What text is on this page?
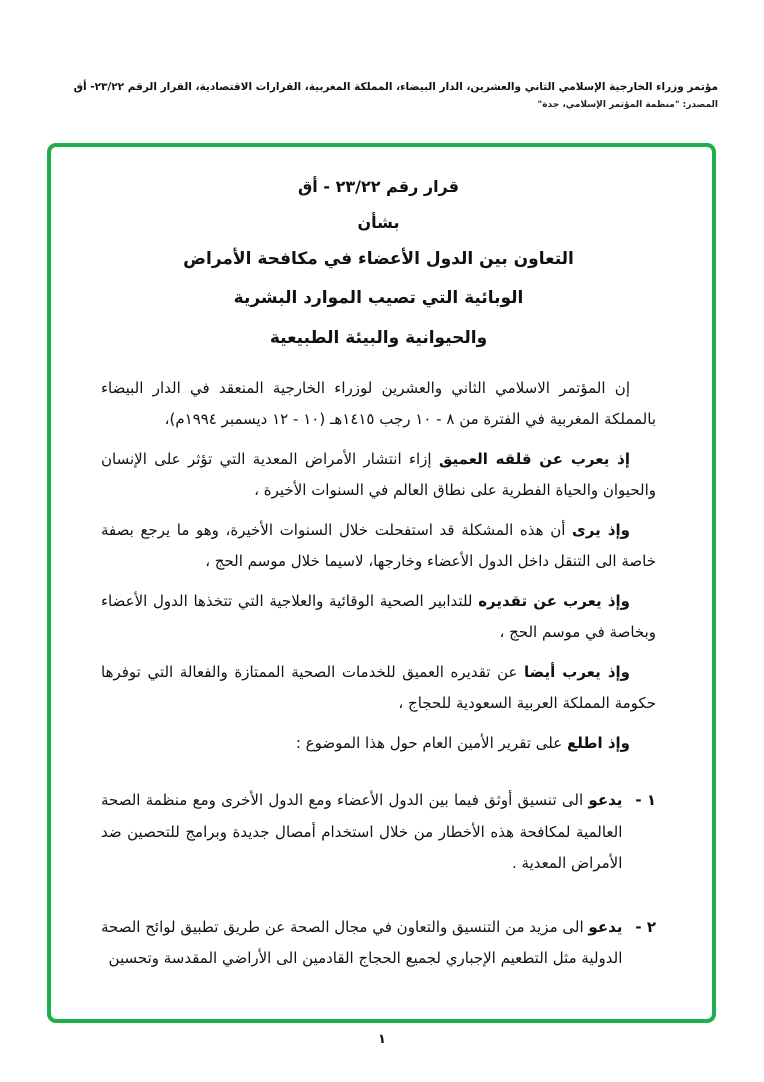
مؤتمر وزراء الخارجية الإسلامي الثاني والعشرين، الدار البيضاء، المملكة المغربية، القرارات الاقتصادية، القرار الرقم ٢٣/٢٢- أق
المصدر: "منظمة المؤتمر الإسلامي، جدة"
قرار رقم ٢٣/٢٢ - أق
بشأن
التعاون بين الدول الأعضاء في مكافحة الأمراض
الوبائية التي تصيب الموارد البشرية
والحيوانية والبيئة الطبيعية

إن المؤتمر الاسلامي الثاني والعشرين لوزراء الخارجية المنعقد في الدار البيضاء بالمملكة المغربية في الفترة من ٨ - ١٠ رجب ١٤١٥هـ (١٠ - ١٢ ديسمبر ١٩٩٤م)،

إذ يعرب عن قلقه العميق إزاء انتشار الأمراض المعدية التي تؤثر على الإنسان والحيوان والحياة الفطرية على نطاق العالم في السنوات الأخيرة ،

وإذ يرى أن هذه المشكلة قد استفحلت خلال السنوات الأخيرة، وهو ما يرجع بصفة خاصة الى التنقل داخل الدول الأعضاء وخارجها، لاسيما خلال موسم الحج ،

وإذ يعرب عن تقديره للتدابير الصحية الوقائية والعلاجية التي تتخذها الدول الأعضاء وبخاصة في موسم الحج ،

وإذ يعرب أيضا عن تقديره العميق للخدمات الصحية الممتازة والفعالة التي توفرها حكومة المملكة العربية السعودية للحجاج ،

وإذ اطلع على تقرير الأمين العام حول هذا الموضوع :

١ -
يدعو الى تنسيق أوثق فيما بين الدول الأعضاء ومع الدول الأخرى ومع منظمة الصحة العالمية لمكافحة هذه الأخطار من خلال استخدام أمصال جديدة وبرامج للتحصين ضد الأمراض المعدية .
٢ -
يدعو الى مزيد من التنسيق والتعاون في مجال الصحة عن طريق تطبيق لوائح الصحة الدولية مثل التطعيم الإجباري لجميع الحجاج القادمين الى الأراضي المقدسة وتحسين
١
